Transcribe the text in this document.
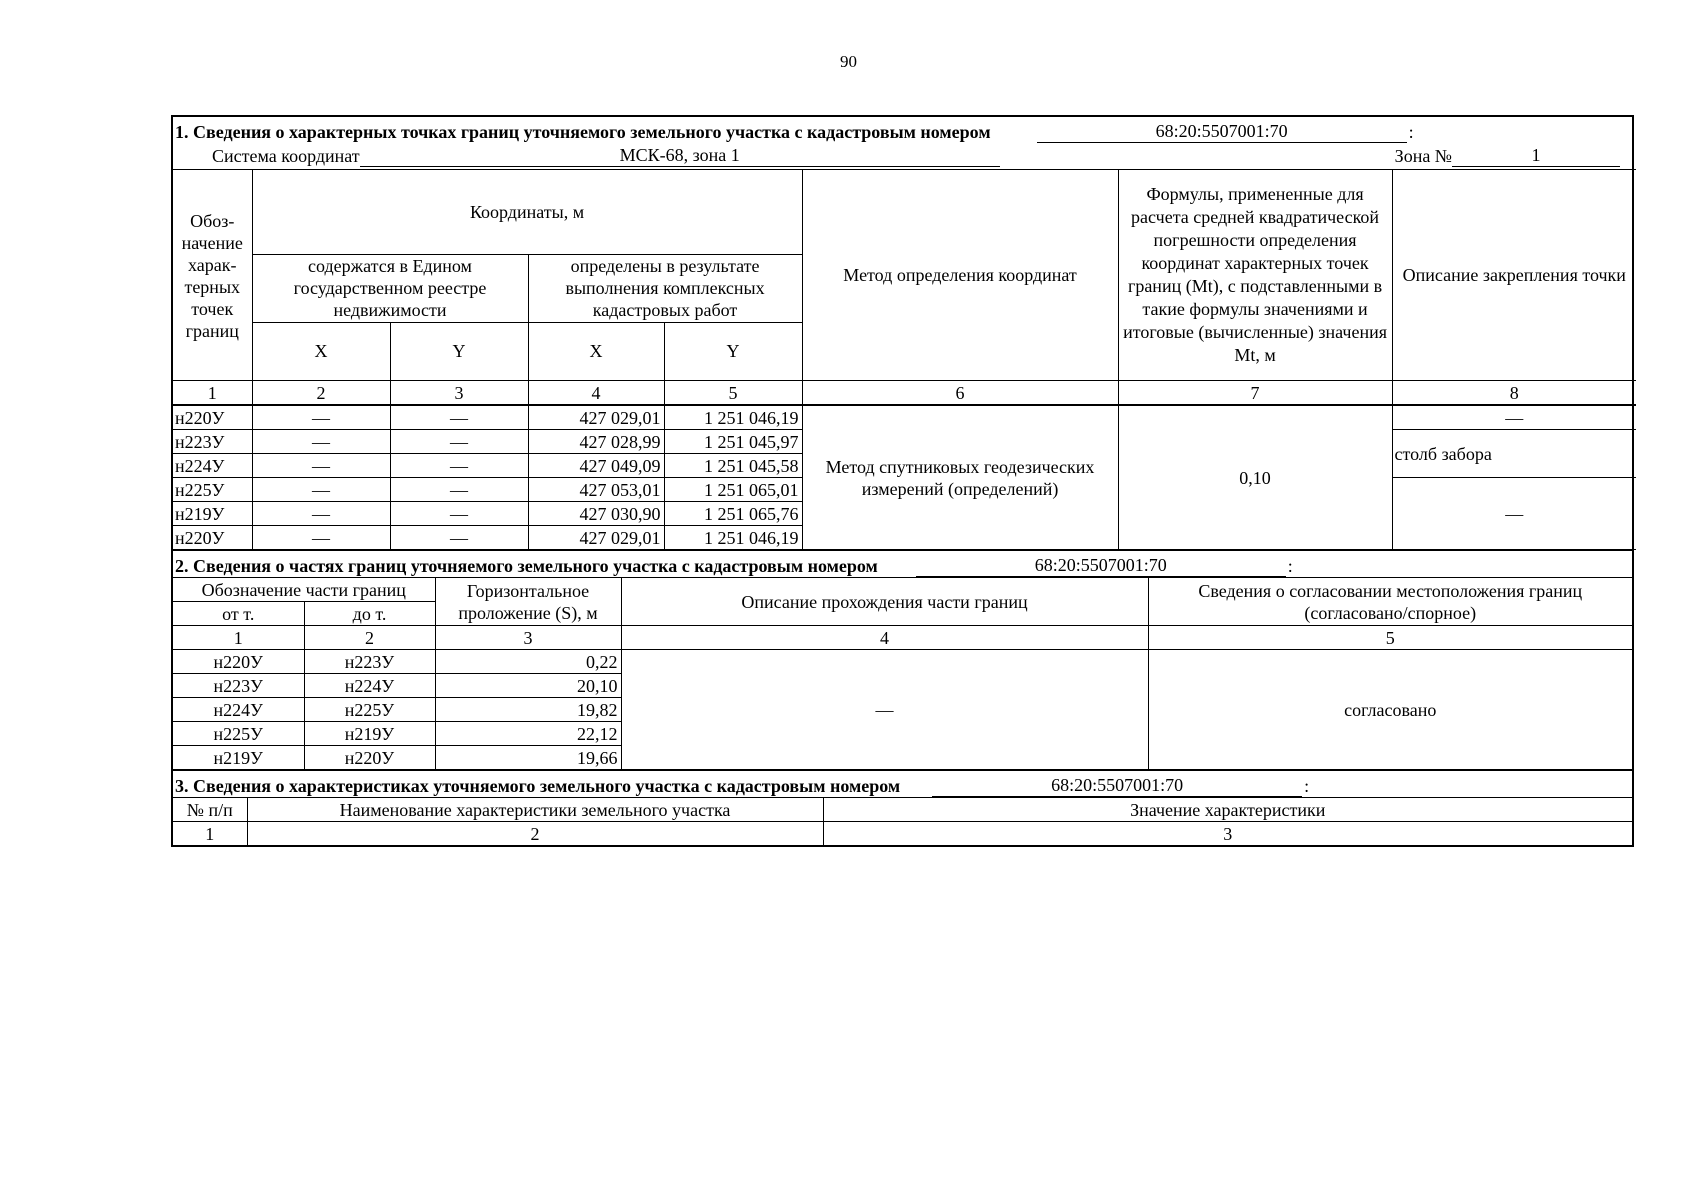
90
1. Сведения о характерных точках границ уточняемого земельного участка с кадастровым номером	68:20:5507001:70	:
Система координат	МСК-68, зона 1	Зона №	1
Обоз-начение харак-терных точек границ	Координаты, м				Метод определения координат	Формулы, примененные для расчета средней квадратической погрешности определения координат характерных точек границ (Mt), с подставленными в такие формулы значениями и итоговые (вычисленные) значения Mt, м	Описание закрепления точки
	содержатся в Едином государственном реестре недвижимости		определены в результате выполнения комплексных кадастровых работ				
	X	Y	X	Y			
1	2	3	4	5	6	7	8
н220У	—	—	427 029,01	1 251 046,19	Метод спутниковых геодезических измерений (определений)	0,10	—
н223У	—	—	427 028,99	1 251 045,97			столб забора
н224У	—	—	427 049,09	1 251 045,58			
н225У	—	—	427 053,01	1 251 065,01			—
н219У	—	—	427 030,90	1 251 065,76			
н220У	—	—	427 029,01	1 251 046,19			
2. Сведения о частях границ уточняемого земельного участка с кадастровым номером	68:20:5507001:70	:
Обозначение части границ		Горизонтальное проложение (S), м	Описание прохождения части границ	Сведения о согласовании местоположения границ (согласовано/спорное)
от т.	до т.			
1	2	3	4	5
н220У	н223У	0,22	—	согласовано
н223У	н224У	20,10		
н224У	н225У	19,82		
н225У	н219У	22,12		
н219У	н220У	19,66		
3. Сведения о характеристиках уточняемого земельного участка с кадастровым номером	68:20:5507001:70	:
№ п/п	Наименование характеристики земельного участка	Значение характеристики
1	2	3
